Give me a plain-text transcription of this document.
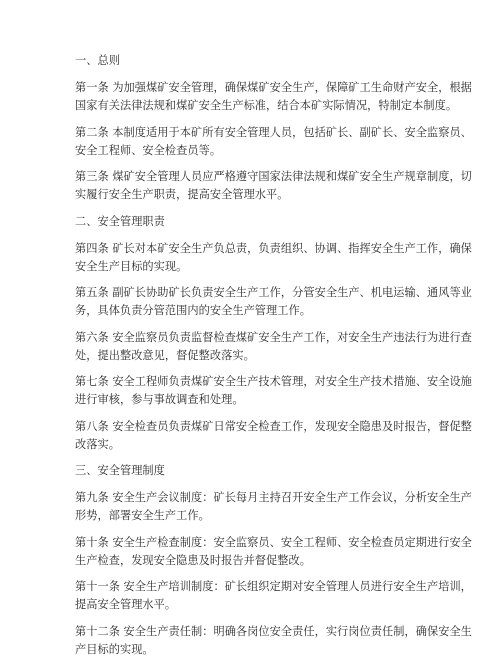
一、总则
第一条 为加强煤矿安全管理，确保煤矿安全生产，保障矿工生命财产安全，根据
国家有关法律法规和煤矿安全生产标准，结合本矿实际情况，特制定本制度。
第二条 本制度适用于本矿所有安全管理人员，包括矿长、副矿长、安全监察员、
安全工程师、安全检查员等。
第三条 煤矿安全管理人员应严格遵守国家法律法规和煤矿安全生产规章制度，切
实履行安全生产职责，提高安全管理水平。
二、安全管理职责
第四条 矿长对本矿安全生产负总责，负责组织、协调、指挥安全生产工作，确保
安全生产目标的实现。
第五条 副矿长协助矿长负责安全生产工作，分管安全生产、机电运输、通风等业
务，具体负责分管范围内的安全生产管理工作。
第六条 安全监察员负责监督检查煤矿安全生产工作，对安全生产违法行为进行查
处，提出整改意见，督促整改落实。
第七条 安全工程师负责煤矿安全生产技术管理，对安全生产技术措施、安全设施
进行审核，参与事故调查和处理。
第八条 安全检查员负责煤矿日常安全检查工作，发现安全隐患及时报告，督促整
改落实。
三、安全管理制度
第九条 安全生产会议制度：矿长每月主持召开安全生产工作会议，分析安全生产
形势，部署安全生产工作。
第十条 安全生产检查制度：安全监察员、安全工程师、安全检查员定期进行安全
生产检查，发现安全隐患及时报告并督促整改。
第十一条 安全生产培训制度：矿长组织定期对安全管理人员进行安全生产培训，
提高安全管理水平。
第十二条 安全生产责任制：明确各岗位安全责任，实行岗位责任制，确保安全生
产目标的实现。
